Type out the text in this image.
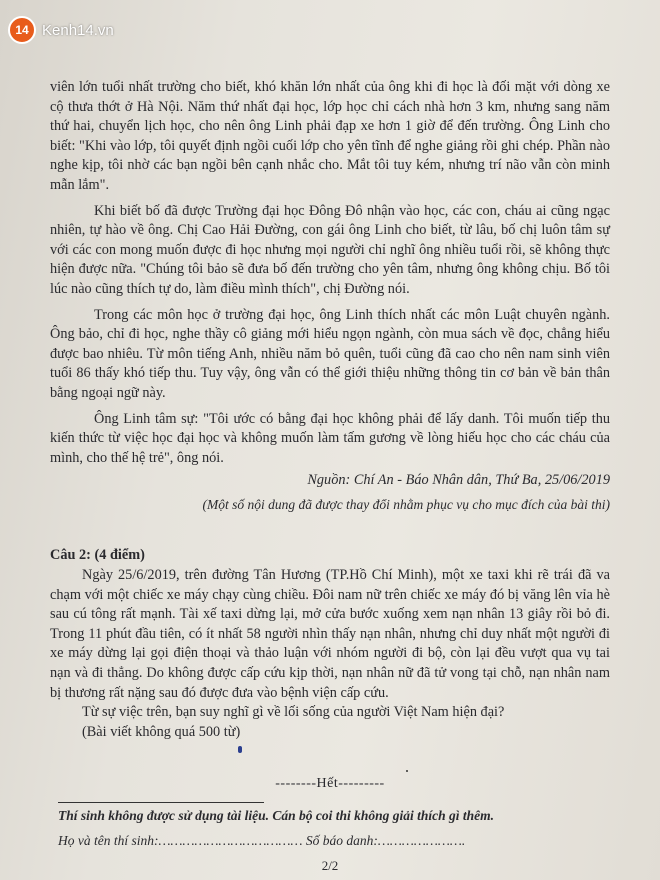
14 Kenh14.vn

viên lớn tuổi nhất trường cho biết, khó khăn lớn nhất của ông khi đi học là đối mặt với dòng xe cộ thưa thớt ở Hà Nội. Năm thứ nhất đại học, lớp học chỉ cách nhà hơn 3 km, nhưng sang năm thứ hai, chuyển lịch học, cho nên ông Linh phải đạp xe hơn 1 giờ để đến trường. Ông Linh cho biết: "Khi vào lớp, tôi quyết định ngồi cuối lớp cho yên tĩnh để nghe giảng rồi ghi chép. Phần nào nghe kịp, tôi nhờ các bạn ngồi bên cạnh nhắc cho. Mắt tôi tuy kém, nhưng trí não vẫn còn minh mẫn lắm".

Khi biết bố đã được Trường đại học Đông Đô nhận vào học, các con, cháu ai cũng ngạc nhiên, tự hào về ông. Chị Cao Hải Đường, con gái ông Linh cho biết, từ lâu, bố chị luôn tâm sự với các con mong muốn được đi học nhưng mọi người chỉ nghĩ ông nhiều tuổi rồi, sẽ không thực hiện được nữa. "Chúng tôi bảo sẽ đưa bố đến trường cho yên tâm, nhưng ông không chịu. Bố tôi lúc nào cũng thích tự do, làm điều mình thích", chị Đường nói.

Trong các môn học ở trường đại học, ông Linh thích nhất các môn Luật chuyên ngành. Ông bảo, chỉ đi học, nghe thầy cô giảng mới hiểu ngọn ngành, còn mua sách về đọc, chẳng hiểu được bao nhiêu. Từ môn tiếng Anh, nhiều năm bỏ quên, tuổi cũng đã cao cho nên nam sinh viên tuổi 86 thấy khó tiếp thu. Tuy vậy, ông vẫn có thể giới thiệu những thông tin cơ bản về bản thân bằng ngoại ngữ này.

Ông Linh tâm sự: "Tôi ước có bằng đại học không phải để lấy danh. Tôi muốn tiếp thu kiến thức từ việc học đại học và không muốn làm tấm gương về lòng hiếu học cho các cháu của mình, cho thế hệ trẻ", ông nói.

Nguồn: Chí An - Báo Nhân dân, Thứ Ba, 25/06/2019

(Một số nội dung đã được thay đổi nhằm phục vụ cho mục đích của bài thi)

Câu 2: (4 điểm)

Ngày 25/6/2019, trên đường Tân Hương (TP.Hồ Chí Minh), một xe taxi khi rẽ trái đã va chạm với một chiếc xe máy chạy cùng chiều. Đôi nam nữ trên chiếc xe máy đó bị văng lên vỉa hè sau cú tông rất mạnh. Tài xế taxi dừng lại, mở cửa bước xuống xem nạn nhân 13 giây rồi bỏ đi. Trong 11 phút đầu tiên, có ít nhất 58 người nhìn thấy nạn nhân, nhưng chỉ duy nhất một người đi xe máy dừng lại gọi điện thoại và thảo luận với nhóm người đi bộ, còn lại đều vượt qua vụ tai nạn và đi thẳng. Do không được cấp cứu kịp thời, nạn nhân nữ đã tử vong tại chỗ, nạn nhân nam bị thương rất nặng sau đó được đưa vào bệnh viện cấp cứu.

Từ sự việc trên, bạn suy nghĩ gì về lối sống của người Việt Nam hiện đại?

(Bài viết không quá 500 từ)

--------Hết---------
Thí sinh không được sử dụng tài liệu. Cán bộ coi thi không giải thích gì thêm.
Họ và tên thí sinh:……………………………… Số báo danh:………………….
2/2
